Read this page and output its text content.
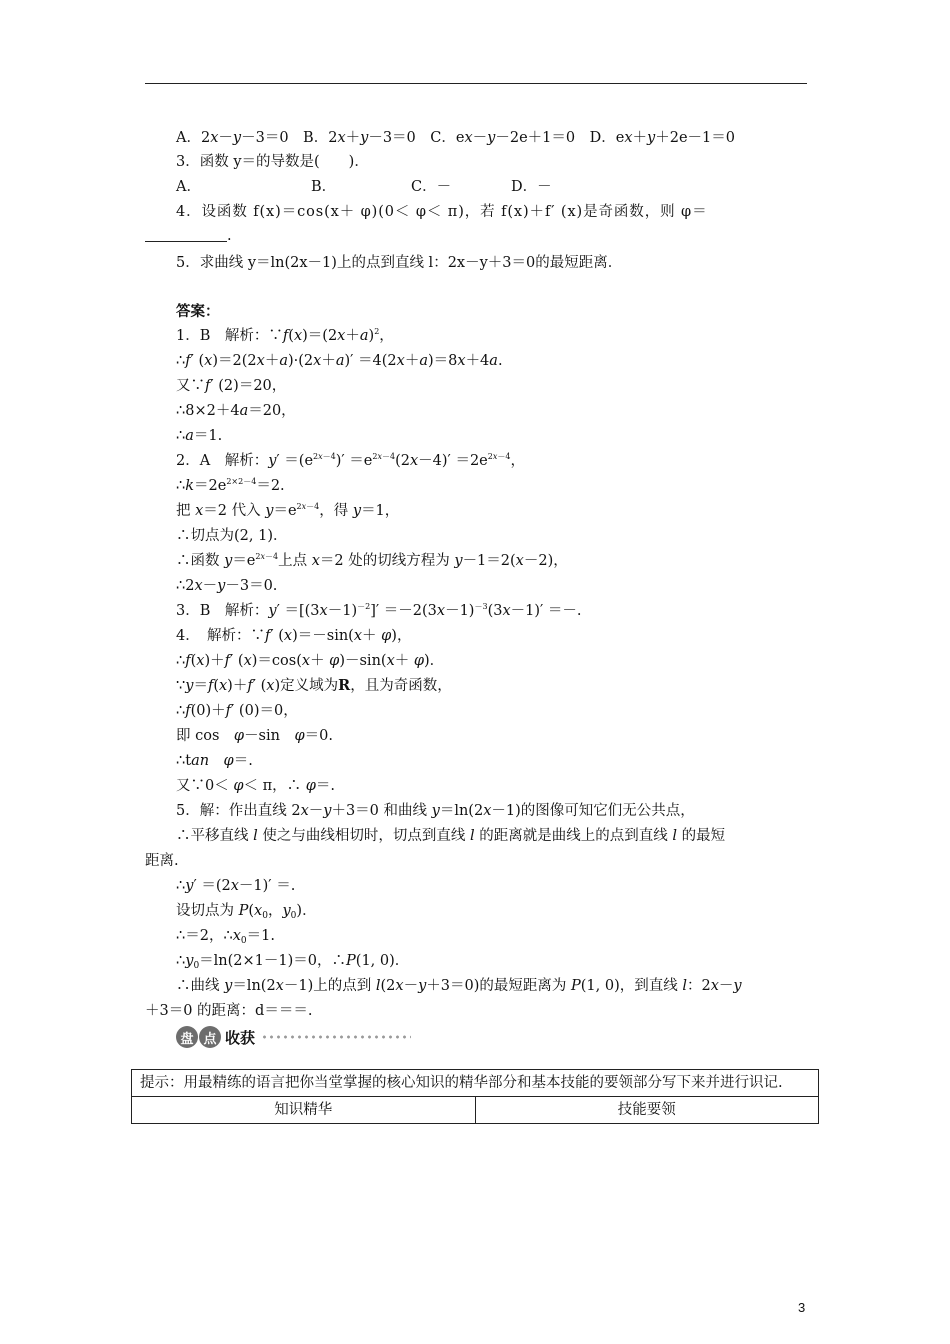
A．2x－y－3＝0　B．2x＋y－3＝0　C．ex－y－2e＋1＝0　D．ex＋y＋2e－1＝0
3．函数 y＝的导数是(　　)．
A．	B．	C．－	D．－
4．设函数 f(x)＝cos(x＋ φ)(0＜ φ＜ π)，若 f(x)＋f′ (x)是奇函数，则 φ＝
.
5．求曲线 y＝ln(2x－1)上的点到直线 l：2x－y＋3＝0的最短距离．
答案：
1．B　解析：$\because f(x)=(2x+a)^2$，
∴f′ (x)＝2(2x＋a)·(2x＋a)′ ＝4(2x＋a)＝8x＋4a.
又∵f′ (2)＝20，
∴8×2＋4a＝20，
∴a＝1.
2．A　解析：$y' =(e^{2x-4})' =e^{2x-4}(2x-4)' =2e^{2x-4}$，
$\therefore k=2e^{2\times 2-4}=2$.
把 x＝2 代入 $y=e^{2x-4}$，得 y＝1，
∴切点为(2, 1)．
∴函数 $y=e^{2x-4}$上点 x＝2 处的切线方程为 y－1＝2(x－2)，
∴2x－y－3＝0.
3．B　解析：$y' =[(3x-1)^{-2}]' =-2(3x-1)^{-3}(3x-1)'$ ＝－.
4．　解析：∵f′ (x)＝－sin(x＋ φ)，
∴f(x)＋f′ (x)＝cos(x＋ φ)－sin(x＋ φ)．
∵y＝f(x)＋f′ (x)定义域为R，且为奇函数，
∴f(0)＋f′ (0)＝0，
即 cos　φ－sin　φ＝0.
∴tan　 φ＝.
又∵0＜ φ＜ π，∴ φ＝.
5．解：作出直线 2x－y＋3＝0 和曲线 y＝ln(2x－1)的图像可知它们无公共点，
∴平移直线 l 使之与曲线相切时，切点到直线 l 的距离就是曲线上的点到直线 l 的最短
距离.
∴y′ ＝(2x－1)′ ＝.
设切点为 $P(x_0$，$y_0$)．
∴＝2，$\therefore x_0=1$.
$\therefore y_0=\ln(2\times 1-1)=0$，∴P(1, 0)．
∴曲线 y＝ln(2x－1)上的点到 l(2x－y＋3＝0)的最短距离为 P(1, 0)，到直线 l：2x－y
＋3＝0 的距离：d＝＝＝.
盘 点 收获
提示：用最精练的语言把你当堂掌握的核心知识的精华部分和基本技能的要领部分写下来并进行识记.
知识精华	技能要领
3
